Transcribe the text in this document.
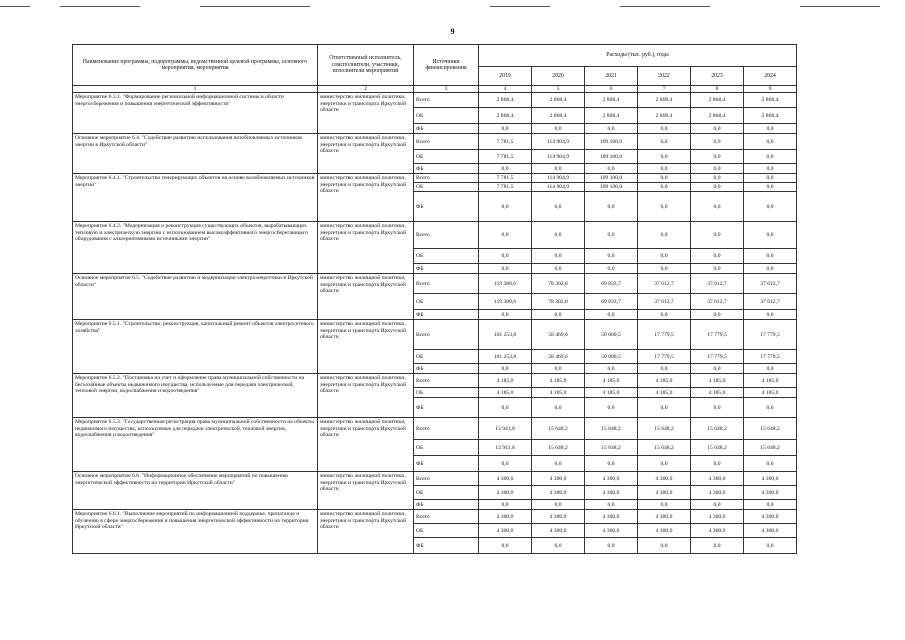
9
Наименование программы, подпрограммы, ведомственной целевой программы, основного мероприятия, мероприятия	Ответственный исполнитель, соисполнители, участники, исполнители мероприятий	Источники финансирования	Расходы (тыс. руб.), годы					
			2019	2020	2021	2022	2023	2024
1	2	3	4	5	6	7	8	9
Мероприятие 6.3.1. "Формирование региональной информационной системы в области энергосбережения и повышения энергетической эффективности"	министерство жилищной политики, энергетики и транспорта Иркутской области	Всего	2 868,4	2 868,4	2 868,4	2 868,4	2 868,4	2 868,4
		ОБ	2 868,4	2 868,4	2 868,4	2 868,4	2 868,4	2 868,4
		ФБ	0,0	0,0	0,0	0,0	0,0	0,0
Основное мероприятие 6.4. "Содействие развитию использования возобновляемых источников энергии в Иркутской области"	министерство жилищной политики, энергетики и транспорта Иркутской области	Всего	7 781,5	114 904,9	109 100,0	0,0	0,0	0,0
		ОБ	7 781,5	114 904,9	109 100,0	0,0	0,0	0,0
		ФБ	0,0	0,0	0,0	0,0	0,0	0,0
Мероприятие 6.4.1. "Строительство генерирующих объектов на основе возобновляемых источников энергии"	министерство жилищной политики, энергетики и транспорта Иркутской области	Всего	7 781,5	114 904,9	109 100,0	0,0	0,0	0,0
		ОБ	7 781,5	114 904,9	109 100,0	0,0	0,0	0,0
		ФБ	0,0	0,0	0,0	0,0	0,0	0,0
Мероприятие 6.4.2. "Модернизация и реконструкция существующих объектов, вырабатывающих тепловую и электрическую энергию с использованием высокоэффективного энергосберегающего оборудования с альтернативными источниками энергии"	министерство жилищной политики, энергетики и транспорта Иркутской области	Всего	0,0	0,0	0,0	0,0	0,0	0,0
		ОБ	0,0	0,0	0,0	0,0	0,0	0,0
		ФБ	0,0	0,0	0,0	0,0	0,0	0,0
Основное мероприятие 6.5. "Содействие развитию и модернизации электроэнергетики в Иркутской области"	министерство жилищной политики, энергетики и транспорта Иркутской области	Всего	119 380,6	78 302,8	69 833,7	37 612,7	37 612,7	37 612,7
		ОБ	119 380,6	78 302,8	69 833,7	37 612,7	37 612,7	37 612,7
		ФБ	0,0	0,0	0,0	0,0	0,0	0,0
Мероприятие 6.5.1. "Строительство, реконструкция, капитальный ремонт объектов электросетевого хозяйства"	министерство жилищной политики, энергетики и транспорта Иркутской области	Всего	101 253,8	58 469,6	50 000,5	17 779,5	17 779,5	17 779,5
		ОБ	101 253,8	58 469,6	50 000,5	17 779,5	17 779,5	17 779,5
		ФБ	0,0	0,0	0,0	0,0	0,0	0,0
Мероприятие 6.5.2. "Постановка на учет и оформление права муниципальной собственности на бесхозяйные объекты недвижимого имущества, используемые для передачи электрической, тепловой энергии, водоснабжения и водоотведения"	министерство жилищной политики, энергетики и транспорта Иркутской области	Всего	4 185,0	4 185,0	4 185,0	4 185,0	4 185,0	4 185,0
		ОБ	4 185,0	4 185,0	4 185,0	4 185,0	4 185,0	4 185,0
		ФБ	0,0	0,0	0,0	0,0	0,0	0,0
Мероприятие 6.5.3. "Государственная регистрация права муниципальной собственности на объекты недвижимого имущества, используемые для передачи электрической, тепловой энергии, водоснабжения и водоотведения"	министерство жилищной политики, энергетики и транспорта Иркутской области	Всего	13 941,8	15 648,2	15 648,2	15 648,2	15 648,2	15 648,2
		ОБ	13 941,8	15 648,2	15 648,2	15 648,2	15 648,2	15 648,2
		ФБ	0,0	0,0	0,0	0,0	0,0	0,0
Основное мероприятие 6.6. "Информационное обеспечение мероприятий по повышению энергетической эффективности на территории Иркутской области"	министерство жилищной политики, энергетики и транспорта Иркутской области	Всего	4 300,0	4 300,0	4 300,0	4 300,0	4 300,0	4 300,0
		ОБ	4 300,0	4 300,0	4 300,0	4 300,0	4 300,0	4 300,0
		ФБ	0,0	0,0	0,0	0,0	0,0	0,0
Мероприятие 6.6.1. "Выполнение мероприятий по информационной поддержке, пропаганде и обучению в сфере энергосбережения и повышения энергетической эффективности на территории Иркутской области"	министерство жилищной политики, энергетики и транспорта Иркутской области	Всего	4 300,0	4 300,0	4 300,0	4 300,0	4 300,0	4 300,0
		ОБ	4 300,0	4 300,0	4 300,0	4 300,0	4 300,0	4 300,0
		ФБ	0,0	0,0	0,0	0,0	0,0	0,0
